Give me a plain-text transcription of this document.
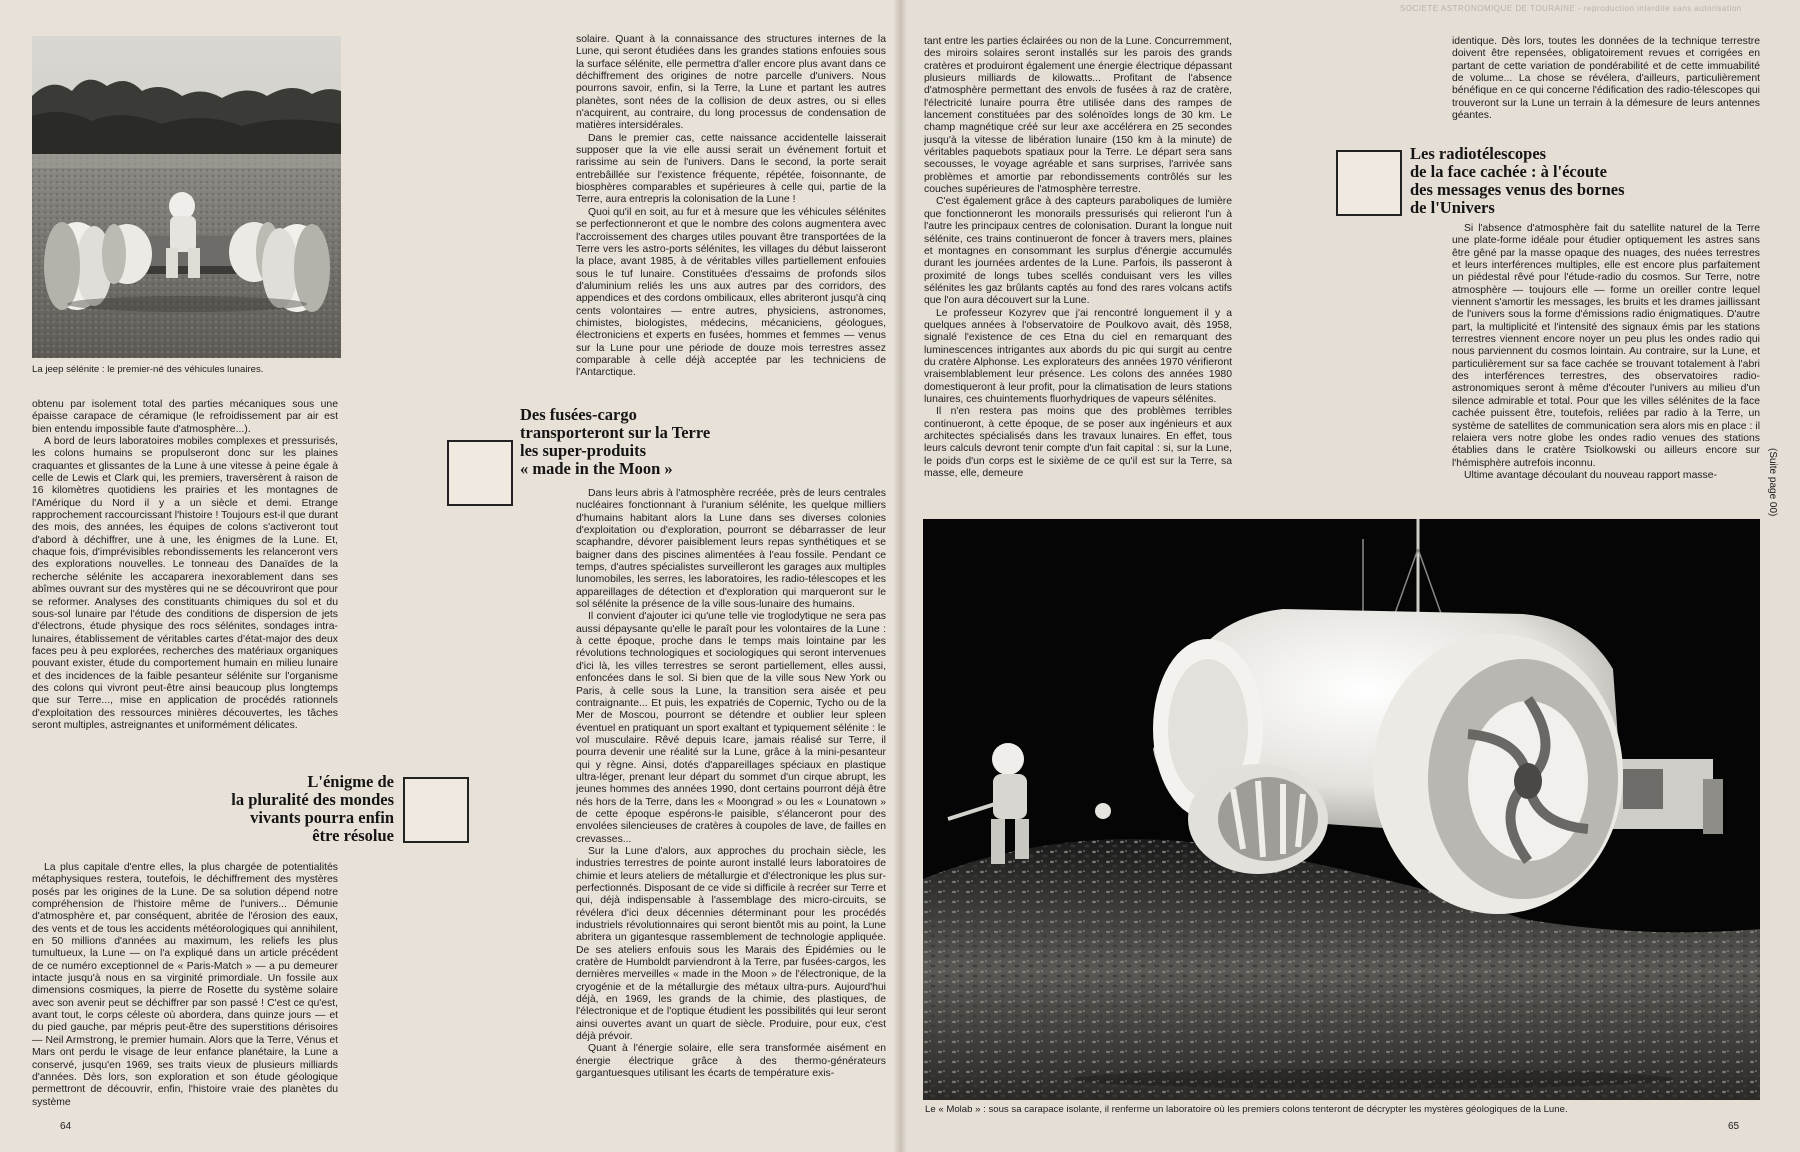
La jeep sélénite : le premier-né des véhicules lunaires.

obtenu par isolement total des parties mécaniques sous une épaisse carapace de céramique (le refroidissement par air est bien entendu impossible faute d'atmosphère...).

A bord de leurs laboratoires mobiles complexes et pressurisés, les colons humains se propulseront donc sur les plaines craquantes et glissantes de la Lune à une vitesse à peine égale à celle de Lewis et Clark qui, les premiers, traversèrent à raison de 16 kilomètres quotidiens les prairies et les montagnes de l'Amérique du Nord il y a un siècle et demi. Etrange rapprochement raccourcissant l'histoire ! Toujours est-il que durant des mois, des années, les équipes de colons s'activeront tout d'abord à déchiffrer, une à une, les énigmes de la Lune. Et, chaque fois, d'imprévisibles rebondissements les relanceront vers des explorations nouvelles. Le tonneau des Danaïdes de la recherche sélénite les accaparera inexorablement dans ses abîmes ouvrant sur des mystères qui ne se découvriront que pour se reformer. Analyses des constituants chimiques du sol et du sous-sol lunaire par l'étude des conditions de dispersion de jets d'électrons, étude physique des rocs sélénites, sondages intra-lunaires, établissement de véritables cartes d'état-major des deux faces peu à peu explorées, recherches des matériaux organiques pouvant exister, étude du comportement humain en milieu lunaire et des incidences de la faible pesanteur sélénite sur l'organisme des colons qui vivront peut-être ainsi beaucoup plus longtemps que sur Terre..., mise en application de procédés rationnels d'exploitation des ressources minières découvertes, les tâches seront multiples, astreignantes et uniformément délicates.

L'énigme de
la pluralité des mondes
vivants pourra enfin
être résolue

La plus capitale d'entre elles, la plus chargée de potentialités métaphysiques restera, toutefois, le déchiffrement des mystères posés par les origines de la Lune. De sa solution dépend notre compréhension de l'histoire même de l'univers... Démunie d'atmosphère et, par conséquent, abritée de l'érosion des eaux, des vents et de tous les accidents météorologiques qui annihilent, en 50 millions d'années au maximum, les reliefs les plus tumultueux, la Lune — on l'a expliqué dans un article précédent de ce numéro exceptionnel de « Paris-Match » — a pu demeurer intacte jusqu'à nous en sa virginité primordiale. Un fossile aux dimensions cosmiques, la pierre de Rosette du système solaire avec son avenir peut se déchiffrer par son passé ! C'est ce qu'est, avant tout, le corps céleste où abordera, dans quinze jours — et du pied gauche, par mépris peut-être des superstitions dérisoires — Neil Armstrong, le premier humain. Alors que la Terre, Vénus et Mars ont perdu le visage de leur enfance planétaire, la Lune a conservé, jusqu'en 1969, ses traits vieux de plusieurs milliards d'années. Dès lors, son exploration et son étude géologique permettront de découvrir, enfin, l'histoire vraie des planètes du système

64

solaire. Quant à la connaissance des structures internes de la Lune, qui seront étudiées dans les grandes stations enfouies sous la surface sélénite, elle permettra d'aller encore plus avant dans ce déchiffrement des origines de notre parcelle d'univers. Nous pourrons savoir, enfin, si la Terre, la Lune et partant les autres planètes, sont nées de la collision de deux astres, ou si elles n'acquirent, au contraire, du long processus de condensation de matières intersidérales.

Dans le premier cas, cette naissance accidentelle laisserait supposer que la vie elle aussi serait un événement fortuit et rarissime au sein de l'univers. Dans le second, la porte serait entrebâillée sur l'existence fréquente, répétée, foisonnante, de biosphères comparables et supérieures à celle qui, partie de la Terre, aura entrepris la colonisation de la Lune !

Quoi qu'il en soit, au fur et à mesure que les véhicules sélénites se perfectionneront et que le nombre des colons augmentera avec l'accroissement des charges utiles pouvant être transportées de la Terre vers les astro-ports sélénites, les villages du début laisseront la place, avant 1985, à de véritables villes partiellement enfouies sous le tuf lunaire. Constituées d'essaims de profonds silos d'aluminium reliés les uns aux autres par des corridors, des appendices et des cordons ombilicaux, elles abriteront jusqu'à cinq cents volontaires — entre autres, physiciens, astronomes, chimistes, biologistes, médecins, mécaniciens, géologues, électroniciens et experts en fusées, hommes et femmes — venus sur la Lune pour une période de douze mois terrestres assez comparable à celle déjà acceptée par les techniciens de l'Antarctique.

Des fusées-cargo
transporteront sur la Terre
les super-produits
« made in the Moon »

Dans leurs abris à l'atmosphère recréée, près de leurs centrales nucléaires fonctionnant à l'uranium sélénite, les quelque milliers d'humains habitant alors la Lune dans ses diverses colonies d'exploitation ou d'exploration, pourront se débarrasser de leur scaphandre, dévorer paisiblement leurs repas synthétiques et se baigner dans des piscines alimentées à l'eau fossile. Pendant ce temps, d'autres spécialistes surveilleront les garages aux multiples lunomobiles, les serres, les laboratoires, les radio-télescopes et les appareillages de détection et d'exploration qui marqueront sur le sol sélénite la présence de la ville sous-lunaire des humains.

Il convient d'ajouter ici qu'une telle vie troglodytique ne sera pas aussi dépaysante qu'elle le paraît pour les volontaires de la Lune : à cette époque, proche dans le temps mais lointaine par les révolutions technologiques et sociologiques qui seront intervenues d'ici là, les villes terrestres se seront partiellement, elles aussi, enfoncées dans le sol. Si bien que de la ville sous New York ou Paris, à celle sous la Lune, la transition sera aisée et peu contraignante... Et puis, les expatriés de Copernic, Tycho ou de la Mer de Moscou, pourront se détendre et oublier leur spleen éventuel en pratiquant un sport exaltant et typiquement sélénite : le vol musculaire. Rêvé depuis Icare, jamais réalisé sur Terre, il pourra devenir une réalité sur la Lune, grâce à la mini-pesanteur qui y règne. Ainsi, dotés d'appareillages spéciaux en plastique ultra-léger, prenant leur départ du sommet d'un cirque abrupt, les jeunes hommes des années 1990, dont certains pourront déjà être nés hors de la Terre, dans les « Moongrad » ou les « Lounatown » de cette époque espérons-le paisible, s'élanceront pour des envolées silencieuses de cratères à coupoles de lave, de failles en crevasses...

Sur la Lune d'alors, aux approches du prochain siècle, les industries terrestres de pointe auront installé leurs laboratoires de chimie et leurs ateliers de métallurgie et d'électronique les plus sur-perfectionnés. Disposant de ce vide si difficile à recréer sur Terre et qui, déjà indispensable à l'assemblage des micro-circuits, se révélera d'ici deux décennies déterminant pour les procédés industriels révolutionnaires qui seront bientôt mis au point, la Lune abritera un gigantesque rassemblement de technologie appliquée. De ses ateliers enfouis sous les Marais des Épidémies ou le cratère de Humboldt parviendront à la Terre, par fusées-cargos, les dernières merveilles « made in the Moon » de l'électronique, de la cryogénie et de la métallurgie des métaux ultra-purs. Aujourd'hui déjà, en 1969, les grands de la chimie, des plastiques, de l'électronique et de l'optique étudient les possibilités qui leur seront ainsi ouvertes avant un quart de siècle. Produire, pour eux, c'est déjà prévoir.

Quant à l'énergie solaire, elle sera transformée aisément en énergie électrique grâce à des thermo-générateurs gargantuesques utilisant les écarts de température exis-

SOCIETE ASTRONOMIQUE DE TOURAINE - reproduction interdite sans autorisation

tant entre les parties éclairées ou non de la Lune. Concurremment, des miroirs solaires seront installés sur les parois des grands cratères et produiront également une énergie électrique dépassant plusieurs milliards de kilowatts... Profitant de l'absence d'atmosphère permettant des envols de fusées à raz de cratère, l'électricité lunaire pourra être utilisée dans des rampes de lancement constituées par des solénoïdes longs de 30 km. Le champ magnétique créé sur leur axe accélérera en 25 secondes jusqu'à la vitesse de libération lunaire (150 km à la minute) de véritables paquebots spatiaux pour la Terre. Le départ sera sans secousses, le voyage agréable et sans surprises, l'arrivée sans problèmes et amortie par rebondissements contrôlés sur les couches supérieures de l'atmosphère terrestre.

C'est également grâce à des capteurs paraboliques de lumière que fonctionneront les monorails pressurisés qui relieront l'un à l'autre les principaux centres de colonisation. Durant la longue nuit sélénite, ces trains continueront de foncer à travers mers, plaines et montagnes en consommant les surplus d'énergie accumulés durant les journées ardentes de la Lune. Parfois, ils passeront à proximité de longs tubes scellés conduisant vers les villes sélénites les gaz brûlants captés au fond des rares volcans actifs que l'on aura découvert sur la Lune.

Le professeur Kozyrev que j'ai rencontré longuement il y a quelques années à l'observatoire de Poulkovo avait, dès 1958, signalé l'existence de ces Etna du ciel en remarquant des luminescences intrigantes aux abords du pic qui surgit au centre du cratère Alphonse. Les explorateurs des années 1970 vérifieront vraisemblablement leur présence. Les colons des années 1980 domestiqueront à leur profit, pour la climatisation de leurs stations lunaires, ces chuintements fluorhydriques de vapeurs sélénites.

Il n'en restera pas moins que des problèmes terribles continueront, à cette époque, de se poser aux ingénieurs et aux architectes spécialisés dans les travaux lunaires. En effet, tous leurs calculs devront tenir compte d'un fait capital : si, sur la Lune, le poids d'un corps est le sixième de ce qu'il est sur la Terre, sa masse, elle, demeure

identique. Dès lors, toutes les données de la technique terrestre doivent être repensées, obligatoirement revues et corrigées en partant de cette variation de pondérabilité et de cette immuabilité de volume... La chose se révélera, d'ailleurs, particulièrement bénéfique en ce qui concerne l'édification des radio-télescopes qui trouveront sur la Lune un terrain à la démesure de leurs antennes géantes.

Les radiotélescopes
de la face cachée : à l'écoute
des messages venus des bornes
de l'Univers

Si l'absence d'atmosphère fait du satellite naturel de la Terre une plate-forme idéale pour étudier optiquement les astres sans être gêné par la masse opaque des nuages, des nuées terrestres et leurs interférences multiples, elle est encore plus parfaitement un piédestal rêvé pour l'étude-radio du cosmos. Sur Terre, notre atmosphère — toujours elle — forme un oreiller contre lequel viennent s'amortir les messages, les bruits et les drames jaillissant de l'univers sous la forme d'émissions radio énigmatiques. D'autre part, la multiplicité et l'intensité des signaux émis par les stations terrestres viennent encore noyer un peu plus les ondes radio qui nous parviennent du cosmos lointain. Au contraire, sur la Lune, et particulièrement sur sa face cachée se trouvant totalement à l'abri des interférences terrestres, des observatoires radio-astronomiques seront à même d'écouter l'univers au milieu d'un silence admirable et total. Pour que les villes sélénites de la face cachée puissent être, toutefois, reliées par radio à la Terre, un système de satellites de communication sera alors mis en place : il relaiera vers notre globe les ondes radio venues des stations établies dans le cratère Tsiolkowski ou ailleurs encore sur l'hémisphère autrefois inconnu.

Ultime avantage découlant du nouveau rapport masse-	(Suite page 00)
Le « Molab » : sous sa carapace isolante, il renferme un laboratoire où les premiers colons tenteront de décrypter les mystères géologiques de la Lune.
65
